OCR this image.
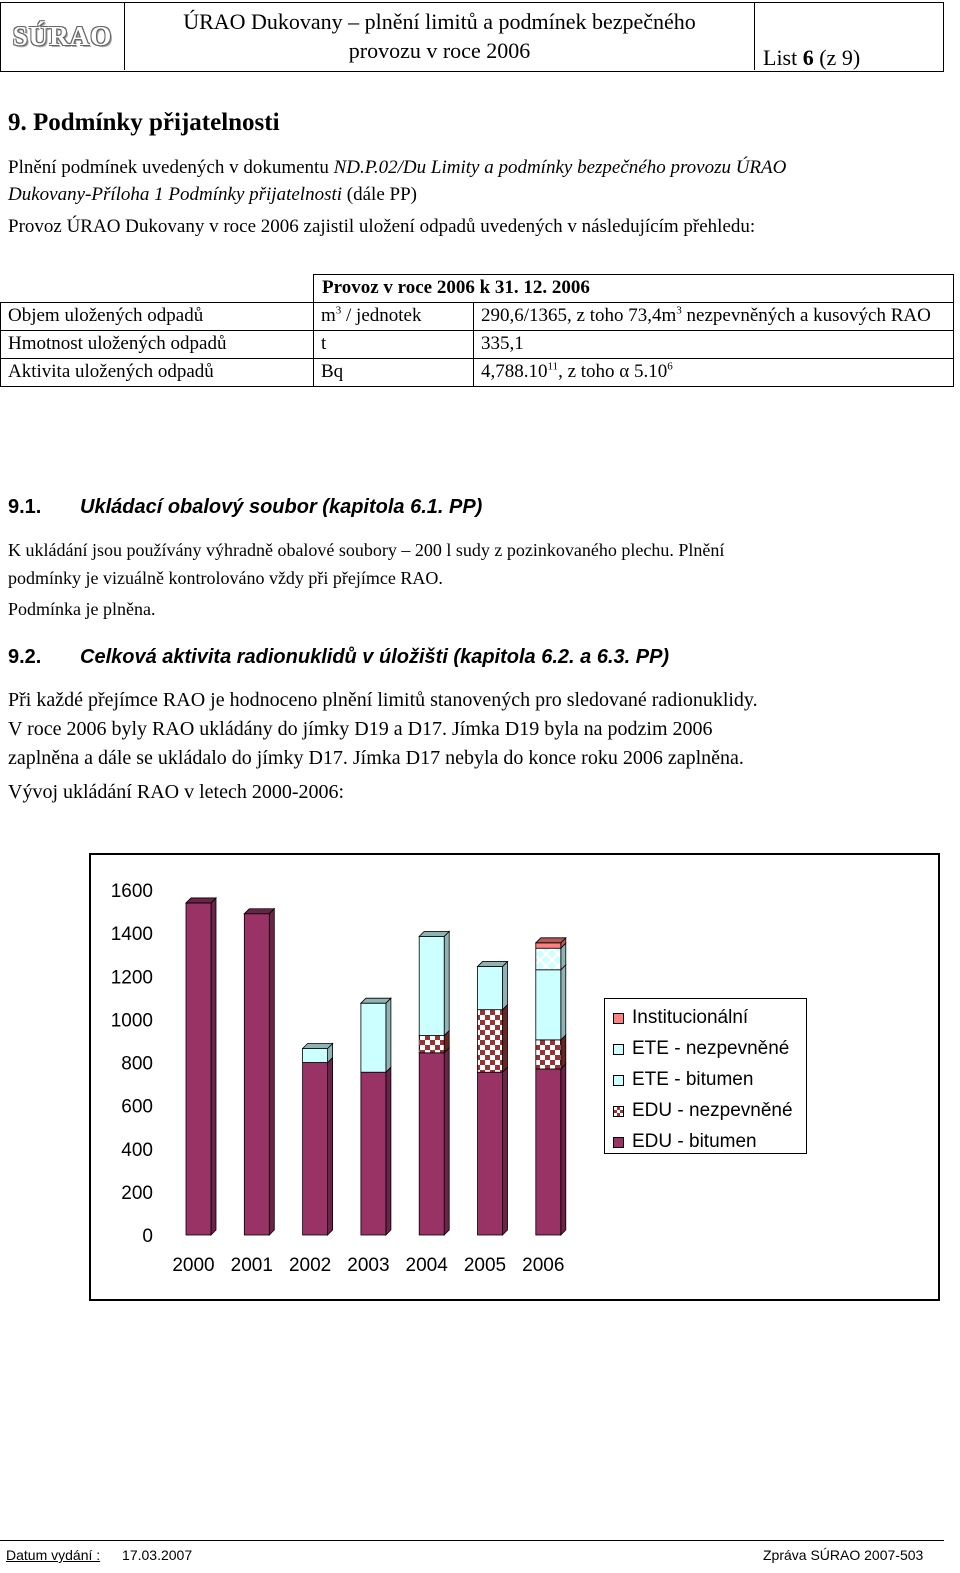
SÚRAO	ÚRAO Dukovany – plnění limitů a podmínek bezpečného
provozu v roce 2006	List 6 (z 9)
9. Podmínky přijatelnosti
Plnění podmínek uvedených v dokumentu ND.P.02/Du Limity a podmínky bezpečného provozu ÚRAO
Dukovany-Příloha 1 Podmínky přijatelnosti (dále PP)
Provoz ÚRAO Dukovany v roce 2006 zajistil uložení odpadů uvedených v následujícím přehledu:
	Provoz v roce 2006 k 31. 12. 2006	
Objem uložených odpadů	$m^3$ / jednotek	290,6/1365, z toho $73,4m^3$ nezpevněných a kusových RAO
Hmotnost uložených odpadů	t	335,1
Aktivita uložených odpadů	Bq	4,788.10$^{11}$, z toho α 5.10$^6$
9.1. Ukládací obalový soubor (kapitola 6.1. PP)
K ukládání jsou používány výhradně obalové soubory – 200 l sudy z pozinkovaného plechu. Plnění
podmínky je vizuálně kontrolováno vždy při přejímce RAO.
Podmínka je plněna.
9.2. Celková aktivita radionuklidů v úložišti (kapitola 6.2. a 6.3. PP)
Při každé přejímce RAO je hodnoceno plnění limitů stanovených pro sledované radionuklidy.
V roce 2006 byly RAO ukládány do jímky D19 a D17. Jímka D19 byla na podzim 2006
zaplněna a dále se ukládalo do jímky D17. Jímka D17 nebyla do konce roku 2006 zaplněna.
Vývoj ukládání RAO v letech 2000-2006:
0
200
400
600
800
1000
1200
1400
1600
2000 2001 2002 2003 2004 2005 2006
Institucionální
ETE - nezpevněné
ETE - bitumen
EDU - nezpevněné
EDU - bitumen
Datum vydání : 17.03.2007	Zpráva SÚRAO 2007-503
